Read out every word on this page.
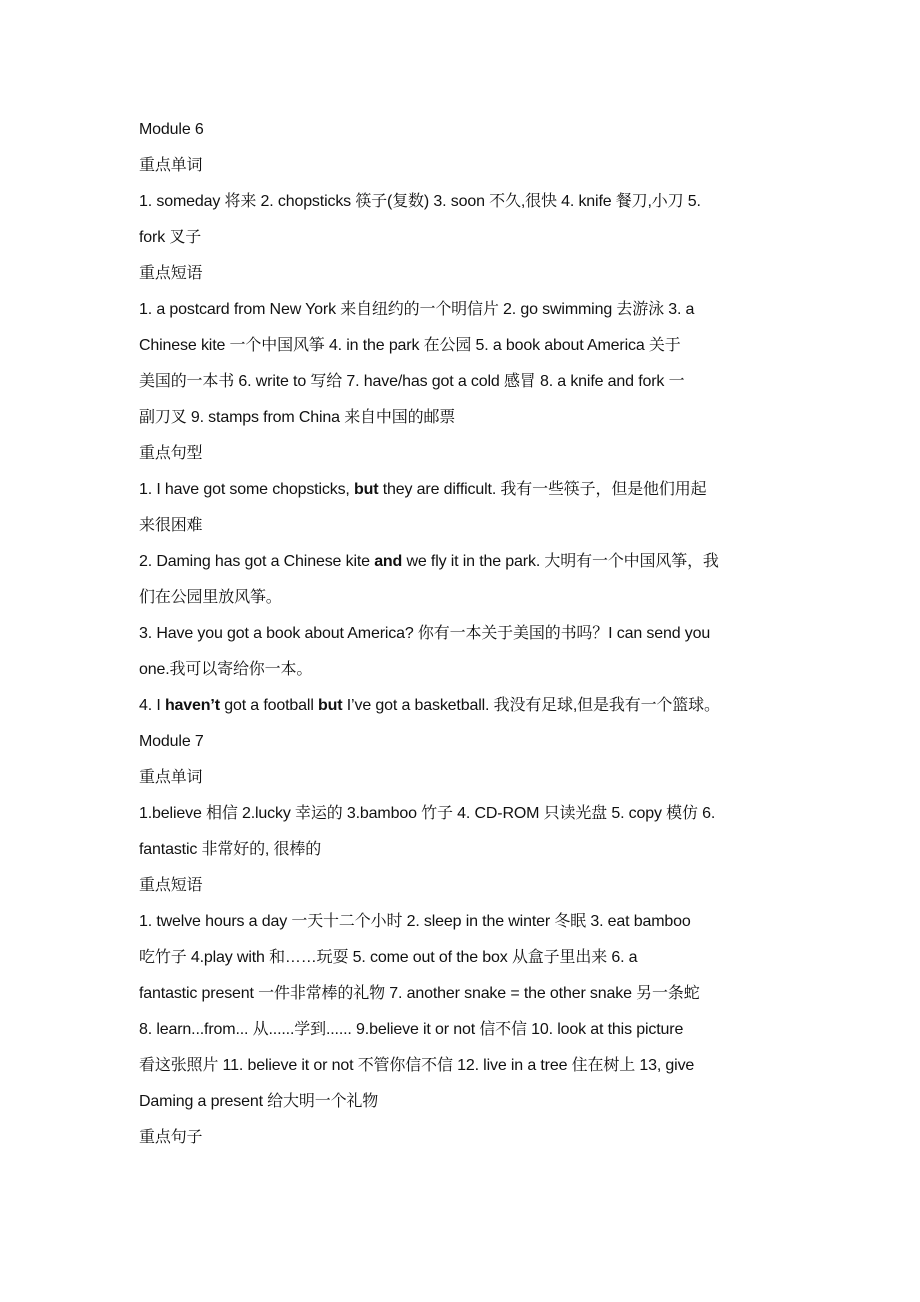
Module 6
重点单词
1. someday 将来 2. chopsticks 筷子(复数) 3. soon 不久,很快 4. knife 餐刀,小刀 5.
fork 叉子
重点短语
1. a postcard from New York 来自纽约的一个明信片 2. go swimming 去游泳 3. a
Chinese kite 一个中国风筝 4. in the park 在公园 5. a book about America 关于
美国的一本书 6. write to 写给 7. have/has got a cold 感冒 8. a knife and fork 一
副刀叉 9. stamps from China 来自中国的邮票
重点句型
1. I have got some chopsticks, but they are difficult. 我有一些筷子，但是他们用起
来很困难
2. Daming has got a Chinese kite and we fly it in the park. 大明有一个中国风筝，我
们在公园里放风筝。
3. Have you got a book about America? 你有一本关于美国的书吗？I can send you
one.我可以寄给你一本。
4. I haven’t got a football but I’ve got a basketball. 我没有足球,但是我有一个篮球。
Module 7
重点单词
1.believe 相信 2.lucky 幸运的 3.bamboo 竹子 4. CD-ROM 只读光盘 5. copy 模仿 6.
fantastic 非常好的, 很棒的
重点短语
1. twelve hours a day 一天十二个小时 2. sleep in the winter 冬眠 3. eat bamboo
吃竹子 4.play with 和……玩耍 5. come out of the box 从盒子里出来 6. a
fantastic present 一件非常棒的礼物 7. another snake = the other snake 另一条蛇
8. learn...from... 从......学到...... 9.believe it or not 信不信 10. look at this picture
看这张照片 11. believe it or not 不管你信不信 12. live in a tree 住在树上 13, give
Daming a present 给大明一个礼物
重点句子
